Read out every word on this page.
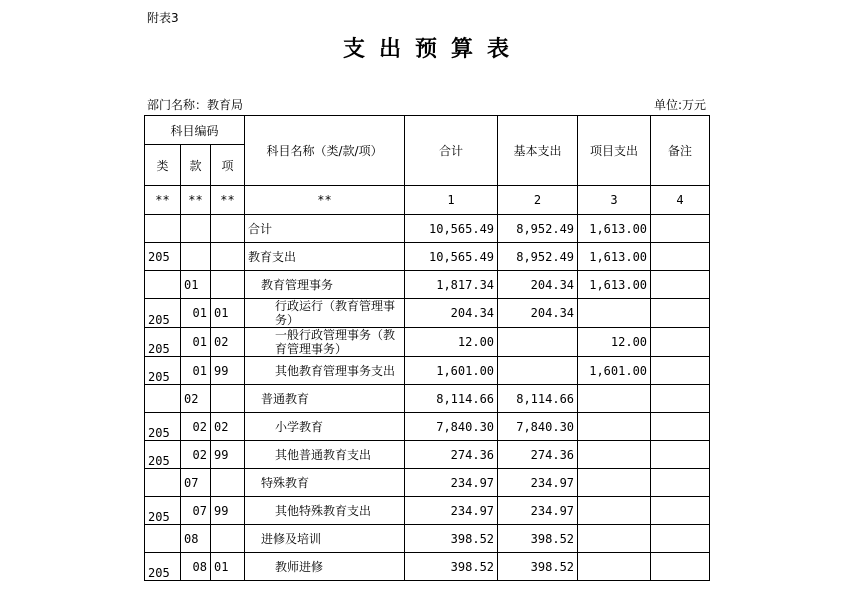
附表3
支出预算表
部门名称：教育局	单位:万元
科目编码			科目名称（类/款/项）	合计	基本支出	项目支出	备注
类	款	项					
**	**	**	**	1	2	3	4
			合计	10,565.49	8,952.49	1,613.00	
205			教育支出	10,565.49	8,952.49	1,613.00	
	01		教育管理事务	1,817.34	204.34	1,613.00	
205	01	01	行政运行（教育管理事务）	204.34	204.34		
205	01	02	一般行政管理事务（教育管理事务）	12.00		12.00	
205	01	99	其他教育管理事务支出	1,601.00		1,601.00	
	02		普通教育	8,114.66	8,114.66		
205	02	02	小学教育	7,840.30	7,840.30		
205	02	99	其他普通教育支出	274.36	274.36		
	07		特殊教育	234.97	234.97		
205	07	99	其他特殊教育支出	234.97	234.97		
	08		进修及培训	398.52	398.52		
205	08	01	教师进修	398.52	398.52		
